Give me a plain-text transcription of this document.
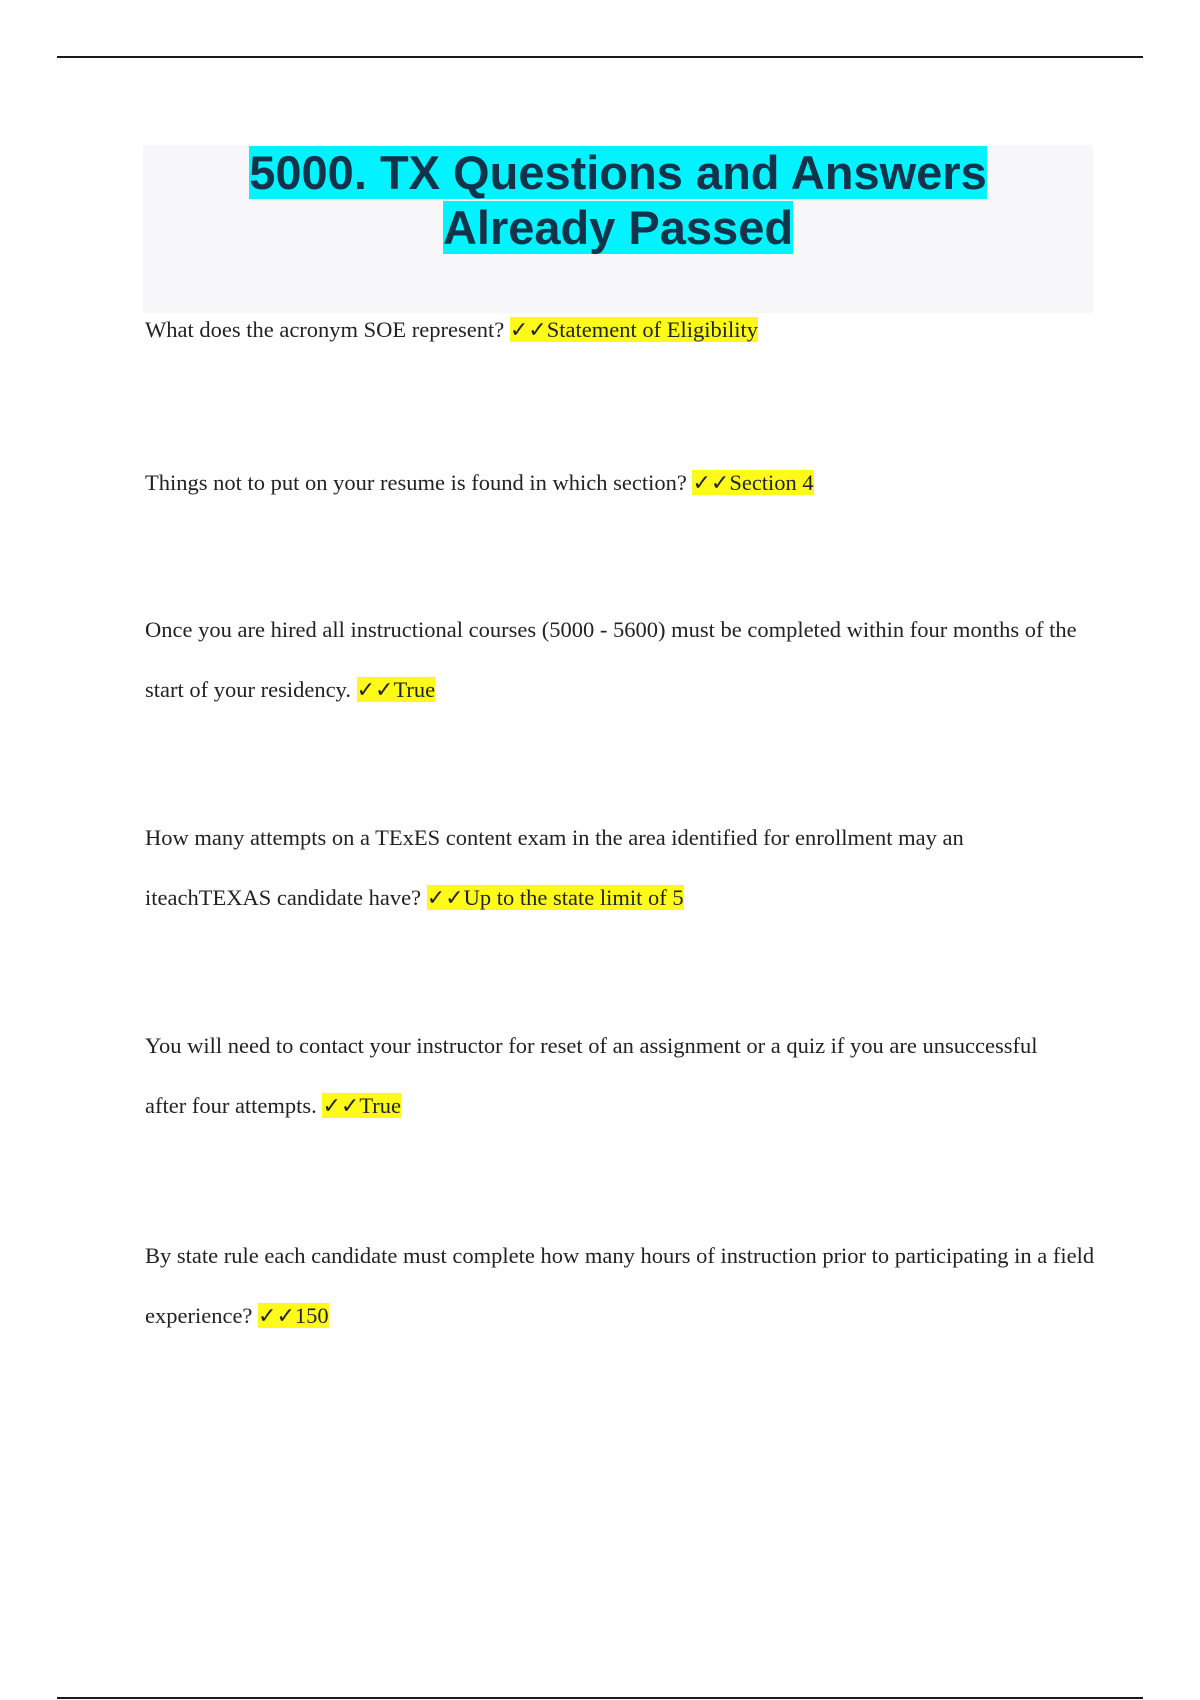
5000. TX Questions and Answers
Already Passed
What does the acronym SOE represent? ✓✓Statement of Eligibility
Things not to put on your resume is found in which section? ✓✓Section 4
Once you are hired all instructional courses (5000 - 5600) must be completed within four months of the start of your residency. ✓✓True
How many attempts on a TExES content exam in the area identified for enrollment may an iteachTEXAS candidate have? ✓✓Up to the state limit of 5
You will need to contact your instructor for reset of an assignment or a quiz if you are unsuccessful after four attempts. ✓✓True
By state rule each candidate must complete how many hours of instruction prior to participating in a field experience? ✓✓150
